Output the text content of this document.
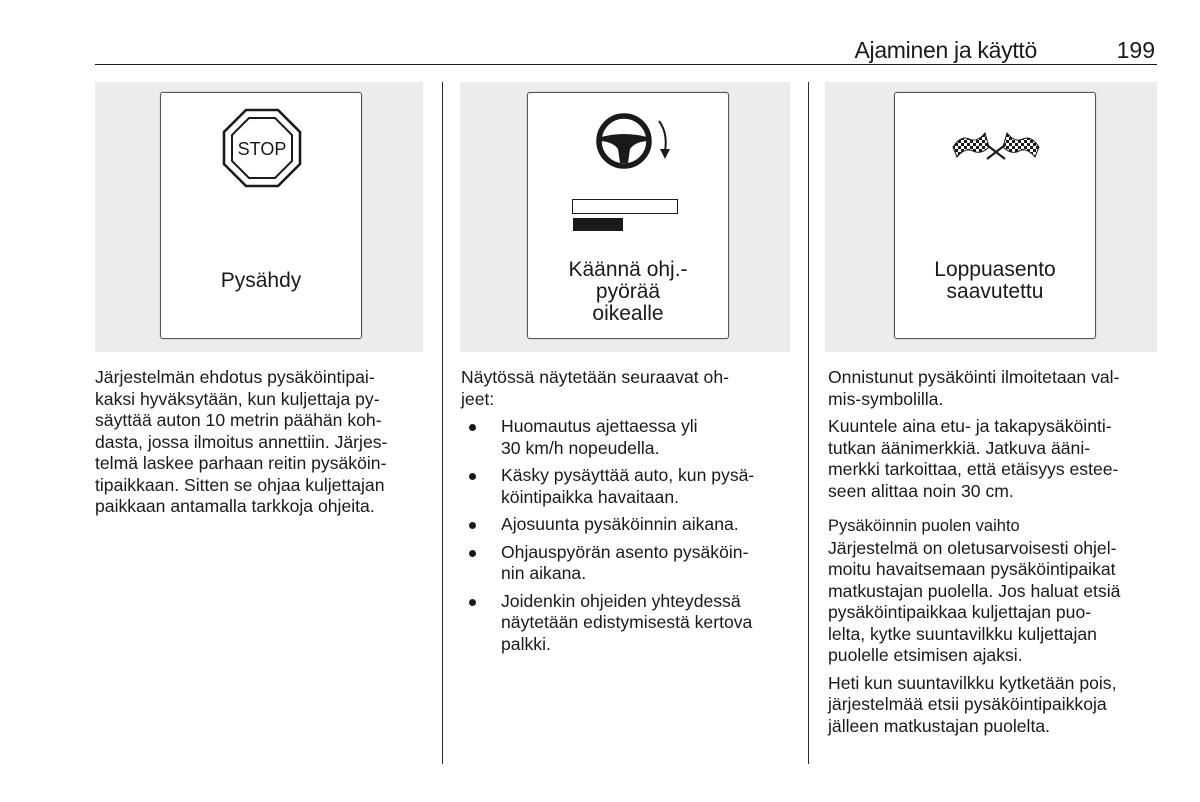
Ajaminen ja käyttö	199
STOP
Pysähdy	Käännä ohj.-
pyörää
oikealle

Loppuasento
saavutettu

Järjestelmän ehdotus pysäköintipai-
kaksi hyväksytään, kun kuljettaja py-
säyttää auton 10 metrin päähän koh-
dasta, jossa ilmoitus annettiin. Järjes-
telmä laskee parhaan reitin pysäköin-
tipaikkaan. Sitten se ohjaa kuljettajan
paikkaan antamalla tarkkoja ohjeita.

Näytössä näytetään seuraavat oh-
jeet:

Huomautus ajettaessa yli
30 km/h nopeudella.
Käsky pysäyttää auto, kun pysä-
köintipaikka havaitaan.
Ajosuunta pysäköinnin aikana.
Ohjauspyörän asento pysäköin-
nin aikana.
Joidenkin ohjeiden yhteydessä
näytetään edistymisestä kertova
palkki.

Onnistunut pysäköinti ilmoitetaan val-
mis-symbolilla.

Kuuntele aina etu- ja takapysäköinti-
tutkan äänimerkkiä. Jatkuva ääni-
merkki tarkoittaa, että etäisyys estee-
seen alittaa noin 30 cm.

Pysäköinnin puolen vaihto

Järjestelmä on oletusarvoisesti ohjel-
moitu havaitsemaan pysäköintipaikat
matkustajan puolella. Jos haluat etsiä
pysäköintipaikkaa kuljettajan puo-
lelta, kytke suuntavilkku kuljettajan
puolelle etsimisen ajaksi.

Heti kun suuntavilkku kytketään pois,
järjestelmää etsii pysäköintipaikkoja
jälleen matkustajan puolelta.
